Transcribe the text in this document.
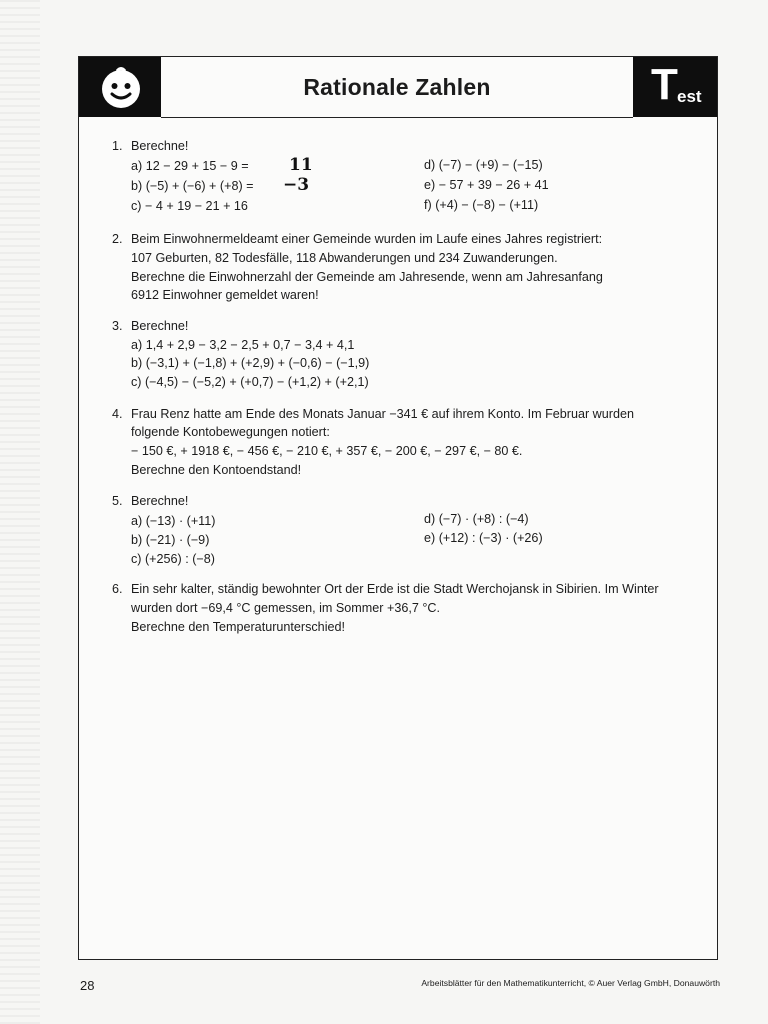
Rationale Zahlen	T est
1. Berechne!
a) 12 − 29 + 15 − 9 = 11
b) (−5) + (−6) + (+8) = −3
c) − 4 + 19 − 21 + 16
d) (−7) − (+9) − (−15)
e) − 57 + 39 − 26 + 41
f) (+4) − (−8) − (+11)
2. Beim Einwohnermeldeamt einer Gemeinde wurden im Laufe eines Jahres registriert:
107 Geburten, 82 Todesfälle, 118 Abwanderungen und 234 Zuwanderungen.
Berechne die Einwohnerzahl der Gemeinde am Jahresende, wenn am Jahresanfang
6912 Einwohner gemeldet waren!
3. Berechne!
a) 1,4 + 2,9 − 3,2 − 2,5 + 0,7 − 3,4 + 4,1
b) (−3,1) + (−1,8) + (+2,9) + (−0,6) − (−1,9)
c) (−4,5) − (−5,2) + (+0,7) − (+1,2) + (+2,1)
4. Frau Renz hatte am Ende des Monats Januar −341 € auf ihrem Konto. Im Februar wurden
folgende Kontobewegungen notiert:
− 150 €, + 1918 €, − 456 €, − 210 €, + 357 €, − 200 €, − 297 €, − 80 €.
Berechne den Kontoendstand!
5. Berechne!
a) (−13) · (+11)
b) (−21) · (−9)
c) (+256) : (−8)
d) (−7) · (+8) : (−4)
e) (+12) : (−3) · (+26)
6. Ein sehr kalter, ständig bewohnter Ort der Erde ist die Stadt Werchojansk in Sibirien. Im Winter
wurden dort −69,4 °C gemessen, im Sommer +36,7 °C.
Berechne den Temperaturunterschied!
28	Arbeitsblätter für den Mathematikunterricht, © Auer Verlag GmbH, Donauwörth
